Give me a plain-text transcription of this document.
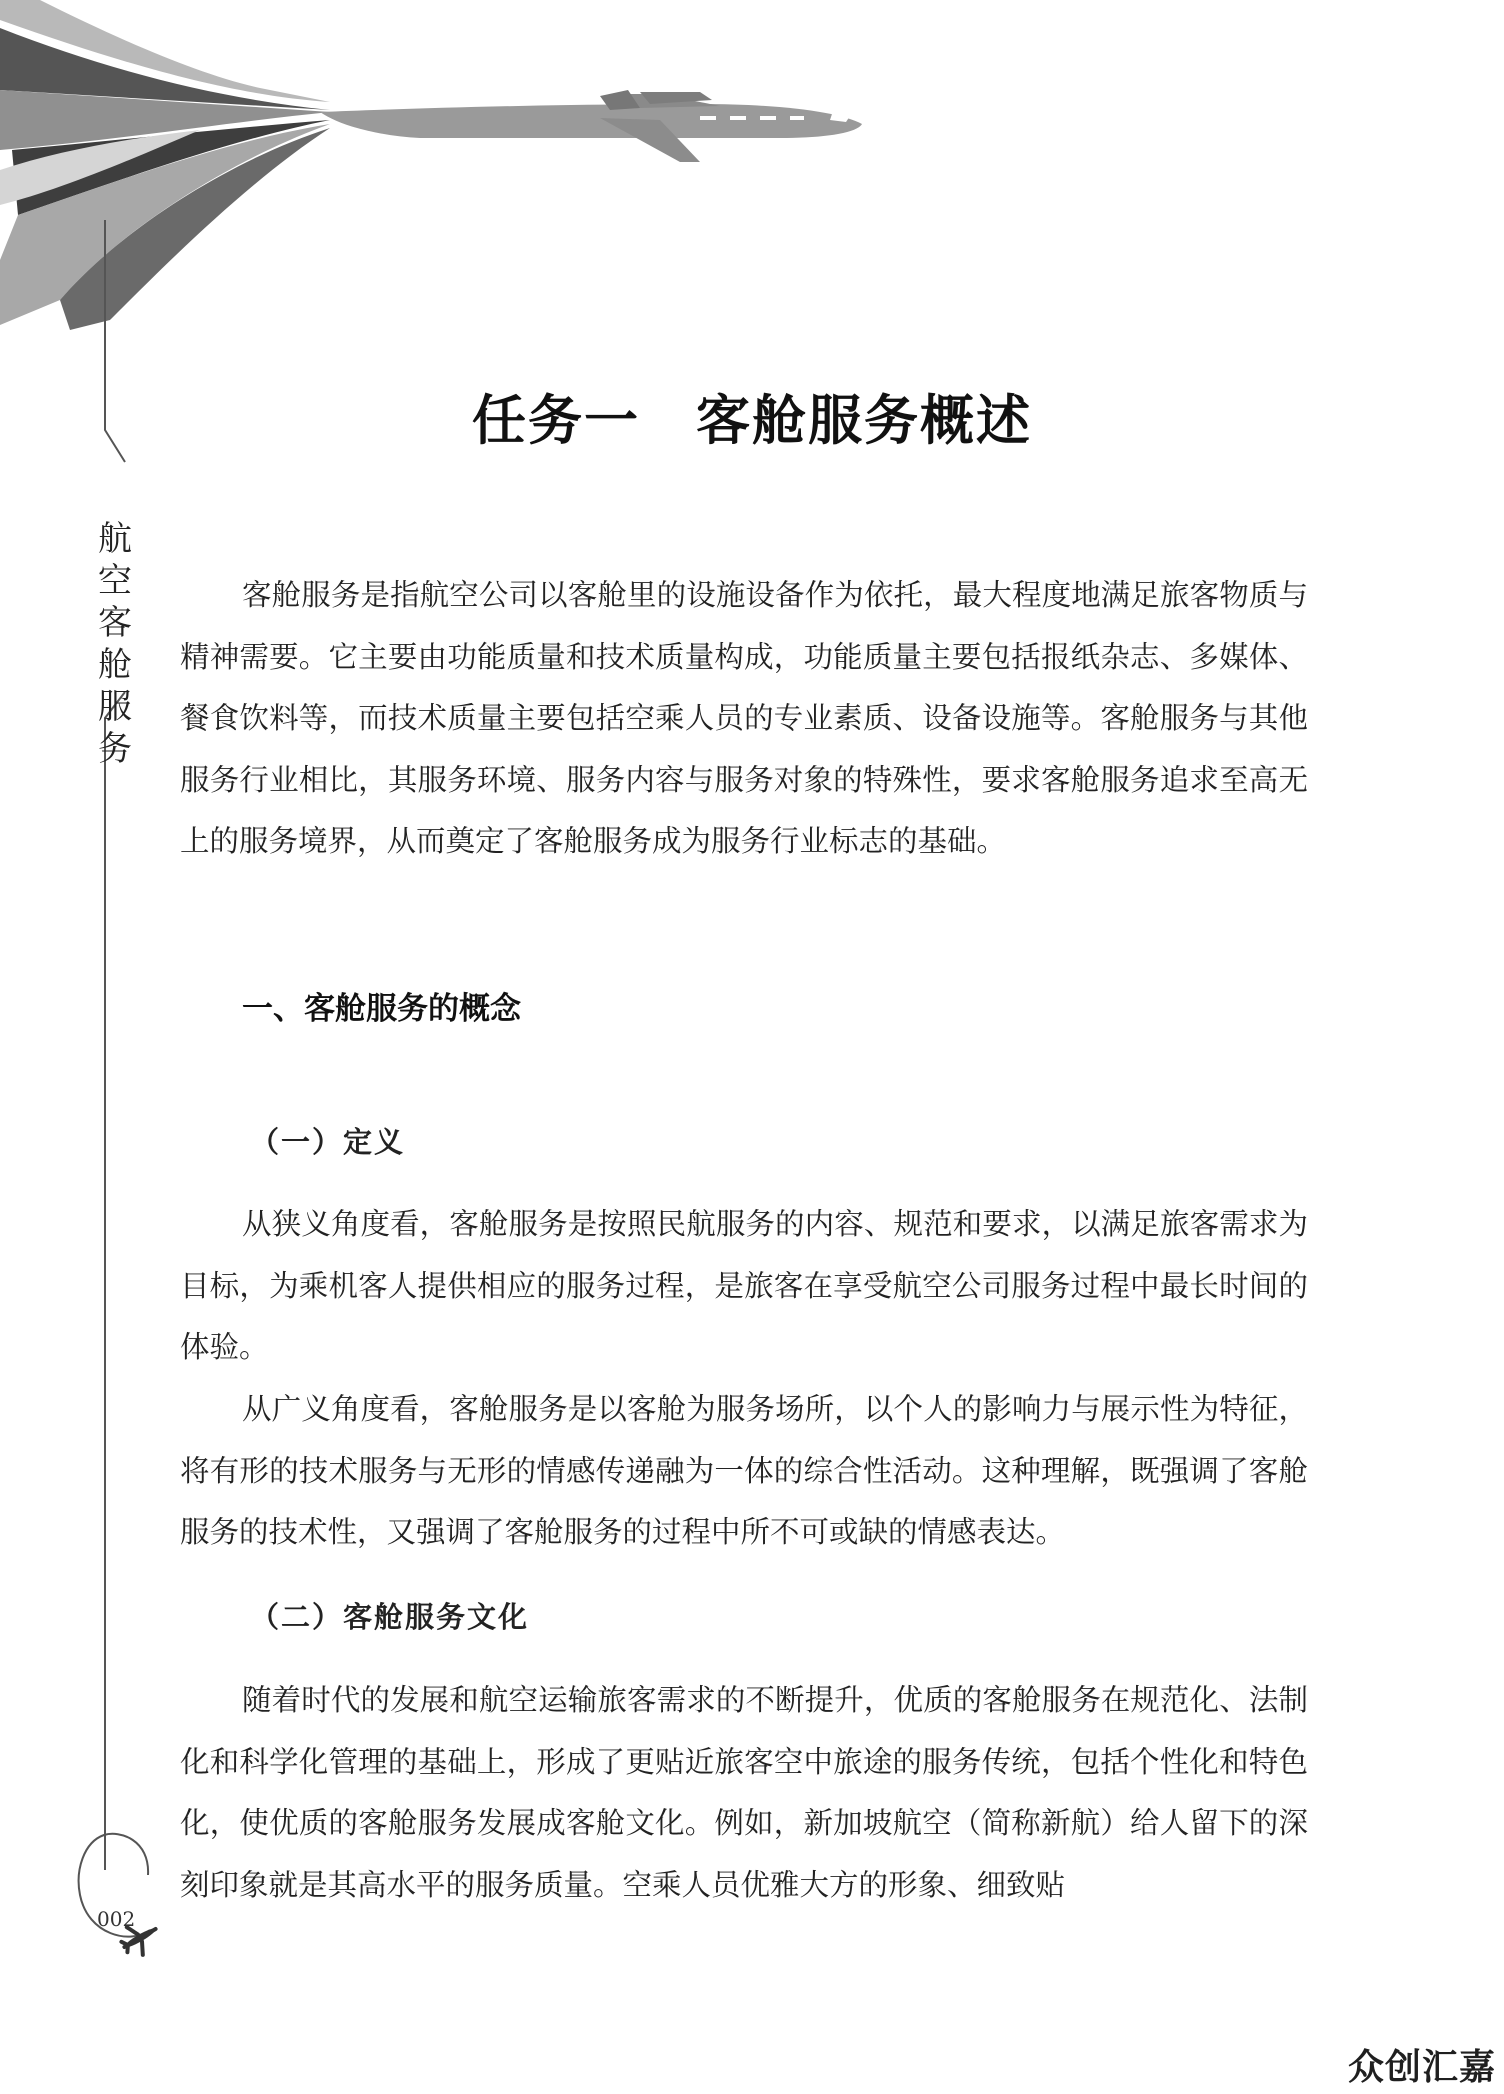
航
空
客
舱
服
务
任务一 客舱服务概述

客舱服务是指航空公司以客舱里的设施设备作为依托，最大程度地满足旅客物质与精神需要。它主要由功能质量和技术质量构成，功能质量主要包括报纸杂志、多媒体、餐食饮料等，而技术质量主要包括空乘人员的专业素质、设备设施等。客舱服务与其他服务行业相比，其服务环境、服务内容与服务对象的特殊性，要求客舱服务追求至高无上的服务境界，从而奠定了客舱服务成为服务行业标志的基础。

一、客舱服务的概念
（一）定义

从狭义角度看，客舱服务是按照民航服务的内容、规范和要求，以满足旅客需求为目标，为乘机客人提供相应的服务过程，是旅客在享受航空公司服务过程中最长时间的体验。

从广义角度看，客舱服务是以客舱为服务场所，以个人的影响力与展示性为特征，将有形的技术服务与无形的情感传递融为一体的综合性活动。这种理解，既强调了客舱服务的技术性，又强调了客舱服务的过程中所不可或缺的情感表达。

（二）客舱服务文化

随着时代的发展和航空运输旅客需求的不断提升，优质的客舱服务在规范化、法制化和科学化管理的基础上，形成了更贴近旅客空中旅途的服务传统，包括个性化和特色化，使优质的客舱服务发展成客舱文化。例如，新加坡航空（简称新航）给人留下的深刻印象就是其高水平的服务质量。空乘人员优雅大方的形象、细致贴

002
众创汇嘉
